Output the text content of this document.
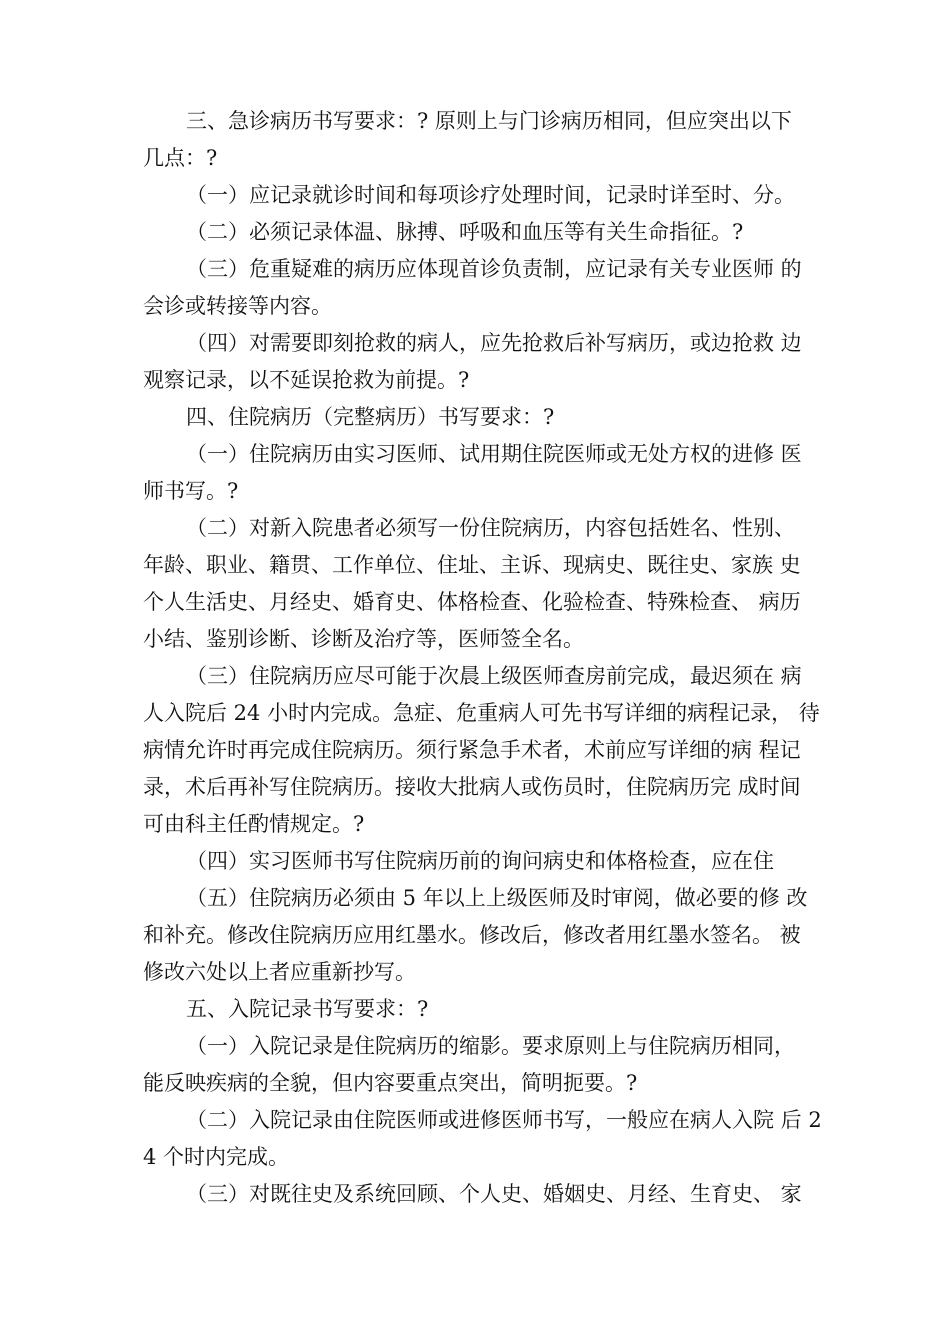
三、急诊病历书写要求：? 原则上与门诊病历相同，但应突出以下
几点：?
（一）应记录就诊时间和每项诊疗处理时间，记录时详至时、分。
（二）必须记录体温、脉搏、呼吸和血压等有关生命指征。?
（三）危重疑难的病历应体现首诊负责制，应记录有关专业医师 的
会诊或转接等内容。
（四）对需要即刻抢救的病人，应先抢救后补写病历，或边抢救 边
观察记录，以不延误抢救为前提。?
四、住院病历（完整病历）书写要求：?
（一）住院病历由实习医师、试用期住院医师或无处方权的进修 医
师书写。?
（二）对新入院患者必须写一份住院病历，内容包括姓名、性别、
年龄、职业、籍贯、工作单位、住址、主诉、现病史、既往史、家族 史
个人生活史、月经史、婚育史、体格检查、化验检查、特殊检查、 病历
小结、鉴别诊断、诊断及治疗等，医师签全名。
（三）住院病历应尽可能于次晨上级医师查房前完成，最迟须在 病
人入院后 24 小时内完成。急症、危重病人可先书写详细的病程记录， 待
病情允许时再完成住院病历。须行紧急手术者，术前应写详细的病 程记
录，术后再补写住院病历。接收大批病人或伤员时，住院病历完 成时间
可由科主任酌情规定。?
（四）实习医师书写住院病历前的询问病史和体格检查，应在住
（五）住院病历必须由 5 年以上上级医师及时审阅，做必要的修 改
和补充。修改住院病历应用红墨水。修改后，修改者用红墨水签名。 被
修改六处以上者应重新抄写。
五、入院记录书写要求：?
（一）入院记录是住院病历的缩影。要求原则上与住院病历相同，
能反映疾病的全貌，但内容要重点突出，简明扼要。?
（二）入院记录由住院医师或进修医师书写，一般应在病人入院 后 2
4 个时内完成。
（三）对既往史及系统回顾、个人史、婚姻史、月经、生育史、 家
